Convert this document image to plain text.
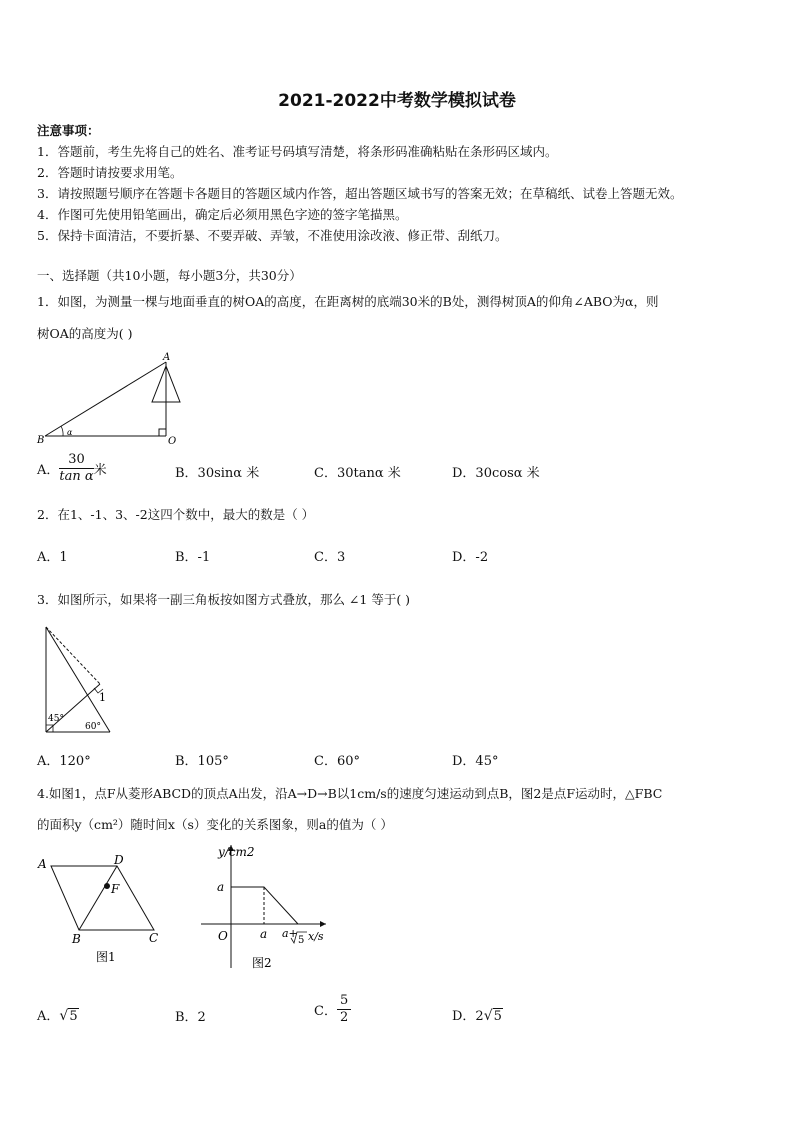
2021-2022中考数学模拟试卷
注意事项：
1．答题前，考生先将自己的姓名、准考证号码填写清楚，将条形码准确粘贴在条形码区域内。
2．答题时请按要求用笔。
3．请按照题号顺序在答题卡各题目的答题区域内作答，超出答题区域书写的答案无效；在草稿纸、试卷上答题无效。
4．作图可先使用铅笔画出，确定后必须用黑色字迹的签字笔描黑。
5．保持卡面清洁，不要折暴、不要弄破、弄皱，不准使用涂改液、修正带、刮纸刀。
一、选择题（共10小题，每小题3分，共30分）
1．如图，为测量一棵与地面垂直的树OA的高度，在距离树的底端30米的B处，测得树顶A的仰角∠ABO为α，则
树OA的高度为( )
A
B	O
α
A． $\frac{30}{\text{tan α}}$ 米	B．30sinα 米	C．30tanα 米	D．30cosα 米
2．在1、-1、3、-2这四个数中，最大的数是（ ）
A．1	B．-1	C．3	D．-2
3．如图所示，如果将一副三角板按如图方式叠放，那么 ∠1 等于( )
1
45°
60°
A．120°	B．105°	C．60°	D．45°
4.如图1，点F从菱形ABCD的顶点A出发，沿A→D→B以1cm/s的速度匀速运动到点B，图2是点F运动时，△FBC
的面积y（cm²）随时间x（s）变化的关系图象，则a的值为（ ）
A	D
F
B	C
图1
y/cm2
x/s
O
a
a a+
5
图2
A．√5	B．2	C． $\frac{5}{2}$	D．2√5
